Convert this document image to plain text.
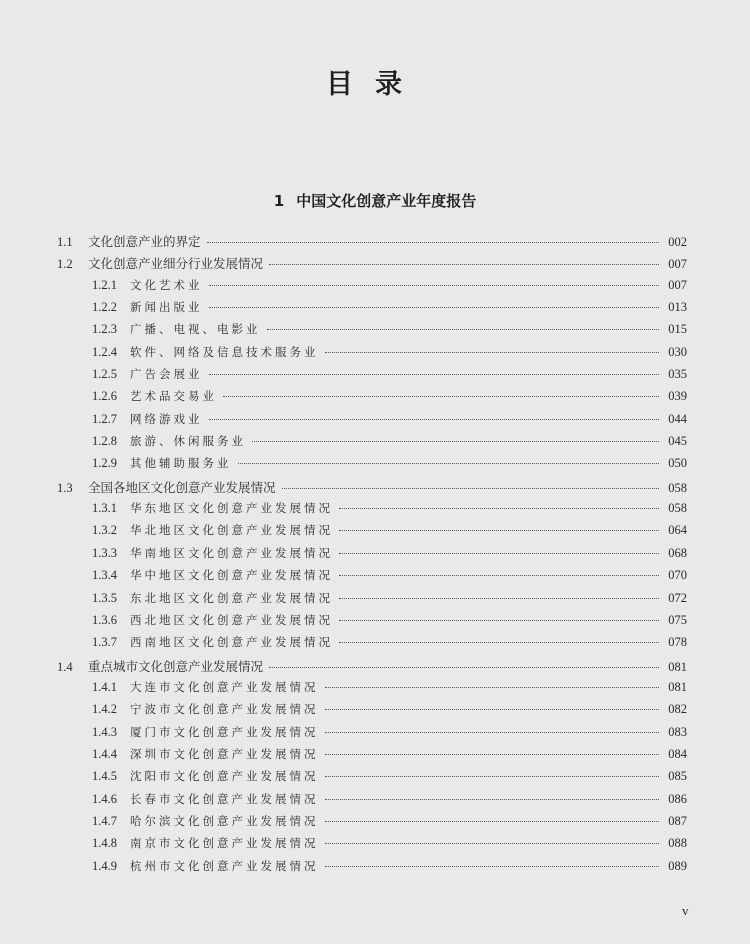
目录
1 中国文化创意产业年度报告
1.1	文化创意产业的界定	002
1.2	文化创意产业细分行业发展情况	007
1.2.1	文化艺术业	007
1.2.2	新闻出版业	013
1.2.3	广播、电视、电影业	015
1.2.4	软件、网络及信息技术服务业	030
1.2.5	广告会展业	035
1.2.6	艺术品交易业	039
1.2.7	网络游戏业	044
1.2.8	旅游、休闲服务业	045
1.2.9	其他辅助服务业	050
1.3	全国各地区文化创意产业发展情况	058
1.3.1	华东地区文化创意产业发展情况	058
1.3.2	华北地区文化创意产业发展情况	064
1.3.3	华南地区文化创意产业发展情况	068
1.3.4	华中地区文化创意产业发展情况	070
1.3.5	东北地区文化创意产业发展情况	072
1.3.6	西北地区文化创意产业发展情况	075
1.3.7	西南地区文化创意产业发展情况	078
1.4	重点城市文化创意产业发展情况	081
1.4.1	大连市文化创意产业发展情况	081
1.4.2	宁波市文化创意产业发展情况	082
1.4.3	厦门市文化创意产业发展情况	083
1.4.4	深圳市文化创意产业发展情况	084
1.4.5	沈阳市文化创意产业发展情况	085
1.4.6	长春市文化创意产业发展情况	086
1.4.7	哈尔滨文化创意产业发展情况	087
1.4.8	南京市文化创意产业发展情况	088
1.4.9	杭州市文化创意产业发展情况	089
v
